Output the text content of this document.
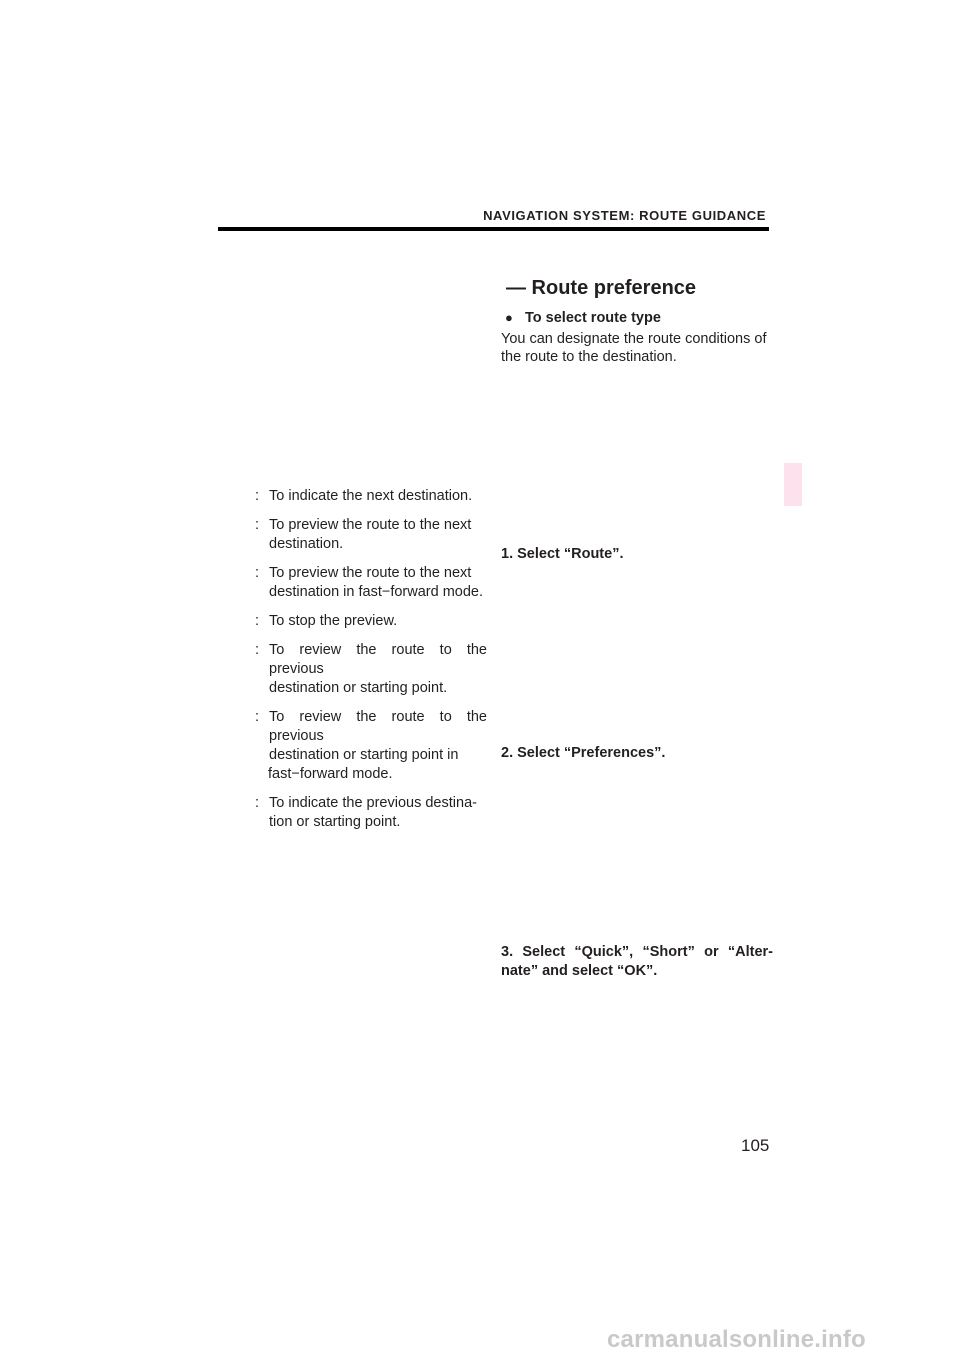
NAVIGATION SYSTEM: ROUTE GUIDANCE
: To indicate the next destination.
: To preview the route to the next
destination.
: To preview the route to the next
destination in fast−forward mode.
: To stop the preview.
: To review the route to the previous
destination or starting point.
: To review the route to the previous
destination or starting point in
fast−forward mode.
: To indicate the previous destina-
tion or starting point.
— Route preference
● To select route type
You can designate the route conditions of the route to the destination.
1. Select “Route”.
2. Select “Preferences”.
3. Select “Quick”, “Short” or “Alter-
nate” and select “OK”.
105
carmanualsonline.info
